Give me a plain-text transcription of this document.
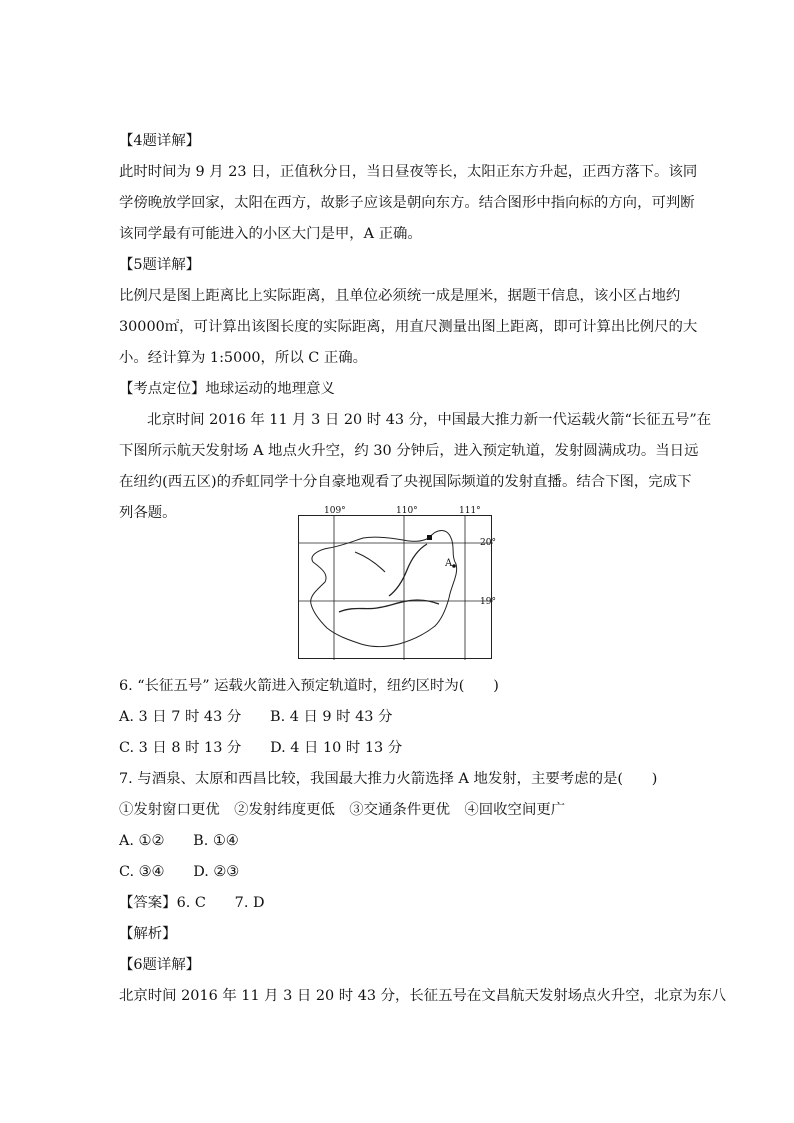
【4题详解】
此时时间为 9 月 23 日，正值秋分日，当日昼夜等长，太阳正东方升起，正西方落下。该同
学傍晚放学回家，太阳在西方，故影子应该是朝向东方。结合图形中指向标的方向，可判断
该同学最有可能进入的小区大门是甲，A 正确。
【5题详解】
比例尺是图上距离比上实际距离，且单位必须统一成是厘米，据题干信息，该小区占地约
30000㎡，可计算出该图长度的实际距离，用直尺测量出图上距离，即可计算出比例尺的大
小。经计算为 1:5000，所以 C 正确。
【考点定位】地球运动的地理意义
北京时间 2016 年 11 月 3 日 20 时 43 分，中国最大推力新一代运载火箭“长征五号”在
下图所示航天发射场 A 地点火升空，约 30 分钟后，进入预定轨道，发射圆满成功。当日远
在纽约(西五区)的乔虹同学十分自豪地观看了央视国际频道的发射直播。结合下图，完成下
列各题。	109°	110°	111°
A
20°
19°
6. “长征五号” 运载火箭进入预定轨道时，纽约区时为(　　)
A. 3 日 7 时 43 分　　B. 4 日 9 时 43 分
C. 3 日 8 时 13 分　　D. 4 日 10 时 13 分
7. 与酒泉、太原和西昌比较，我国最大推力火箭选择 A 地发射，主要考虑的是(　　)
①发射窗口更优　②发射纬度更低　③交通条件更优　④回收空间更广
A. ①②　　B. ①④
C. ③④　　D. ②③
【答案】6. C　　7. D
【解析】
【6题详解】
北京时间 2016 年 11 月 3 日 20 时 43 分，长征五号在文昌航天发射场点火升空，北京为东八
